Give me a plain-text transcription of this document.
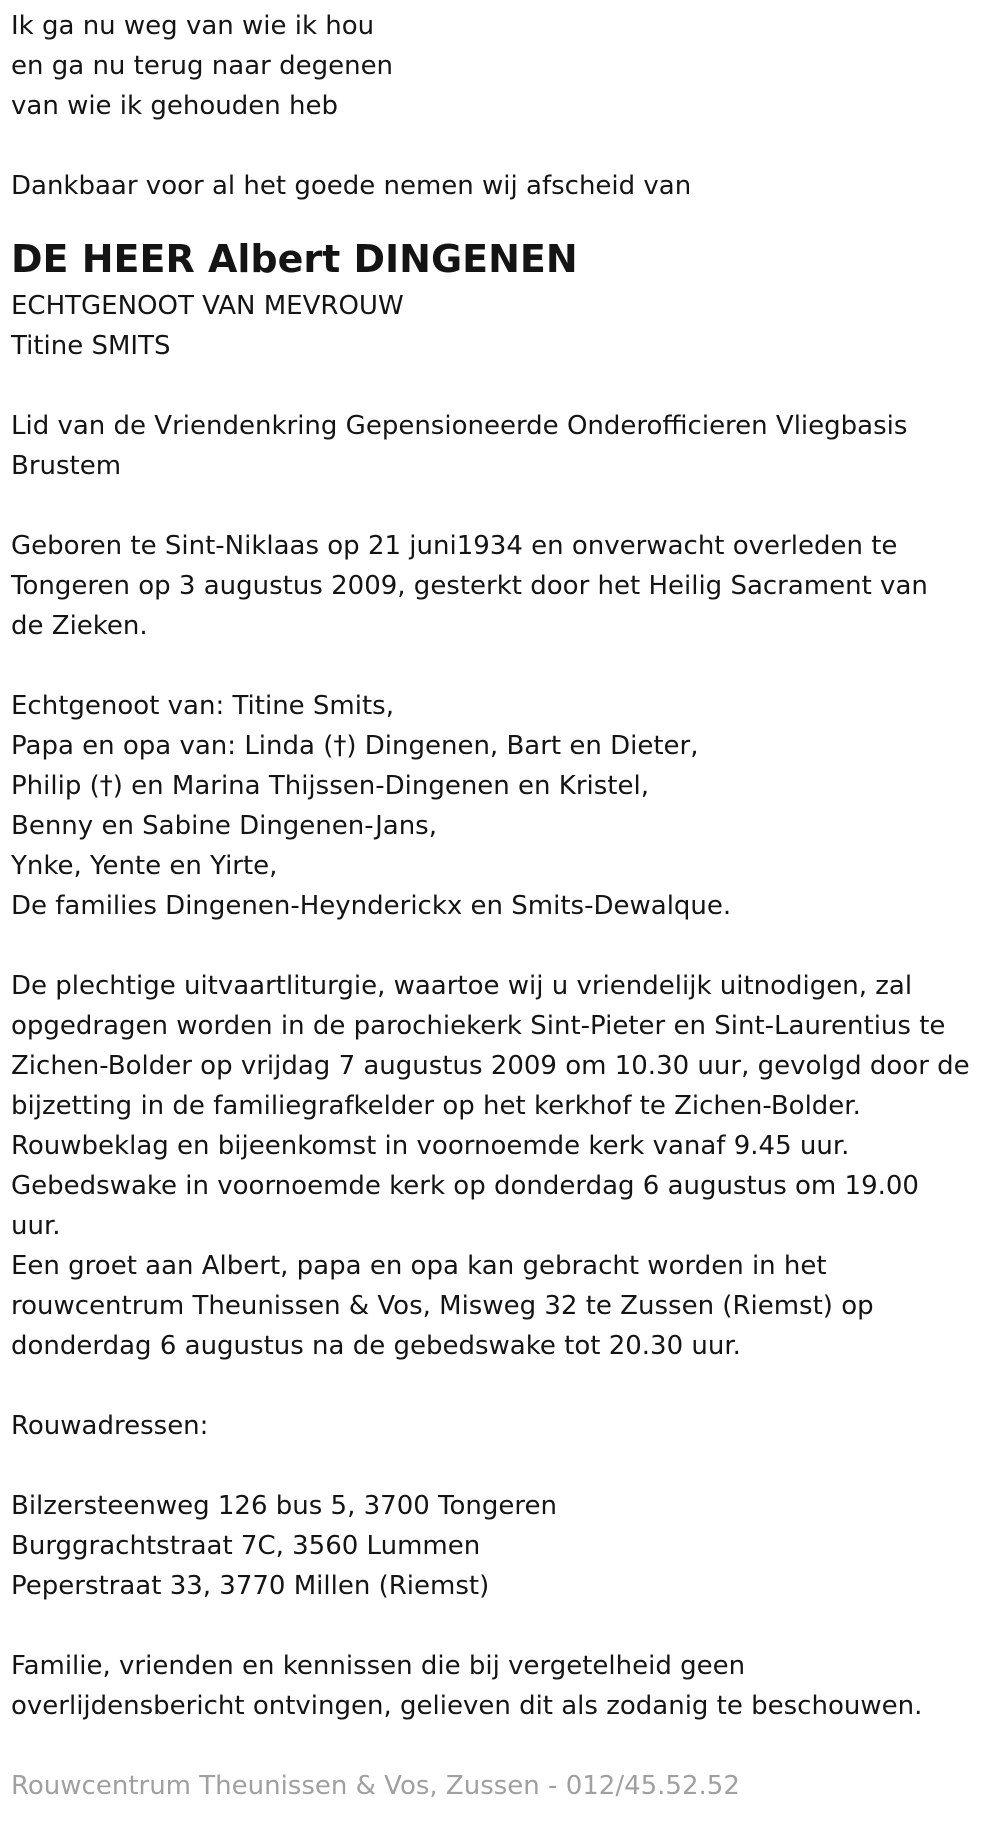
Ik ga nu weg van wie ik hou
en ga nu terug naar degenen
van wie ik gehouden heb
Dankbaar voor al het goede nemen wij afscheid van
DE HEER Albert DINGENEN
ECHTGENOOT VAN MEVROUW
Titine SMITS
Lid van de Vriendenkring Gepensioneerde Onderofficieren Vliegbasis
Brustem
Geboren te Sint-Niklaas op 21 juni1934 en onverwacht overleden te
Tongeren op 3 augustus 2009, gesterkt door het Heilig Sacrament van
de Zieken.
Echtgenoot van: Titine Smits,
Papa en opa van: Linda (†) Dingenen, Bart en Dieter,
Philip (†) en Marina Thijssen-Dingenen en Kristel,
Benny en Sabine Dingenen-Jans,
Ynke, Yente en Yirte,
De families Dingenen-Heynderickx en Smits-Dewalque.
De plechtige uitvaartliturgie, waartoe wij u vriendelijk uitnodigen, zal
opgedragen worden in de parochiekerk Sint-Pieter en Sint-Laurentius te
Zichen-Bolder op vrijdag 7 augustus 2009 om 10.30 uur, gevolgd door de
bijzetting in de familiegrafkelder op het kerkhof te Zichen-Bolder.
Rouwbeklag en bijeenkomst in voornoemde kerk vanaf 9.45 uur.
Gebedswake in voornoemde kerk op donderdag 6 augustus om 19.00
uur.
Een groet aan Albert, papa en opa kan gebracht worden in het
rouwcentrum Theunissen & Vos, Misweg 32 te Zussen (Riemst) op
donderdag 6 augustus na de gebedswake tot 20.30 uur.
Rouwadressen:
Bilzersteenweg 126 bus 5, 3700 Tongeren
Burggrachtstraat 7C, 3560 Lummen
Peperstraat 33, 3770 Millen (Riemst)
Familie, vrienden en kennissen die bij vergetelheid geen
overlijdensbericht ontvingen, gelieven dit als zodanig te beschouwen.
Rouwcentrum Theunissen & Vos, Zussen - 012/45.52.52
